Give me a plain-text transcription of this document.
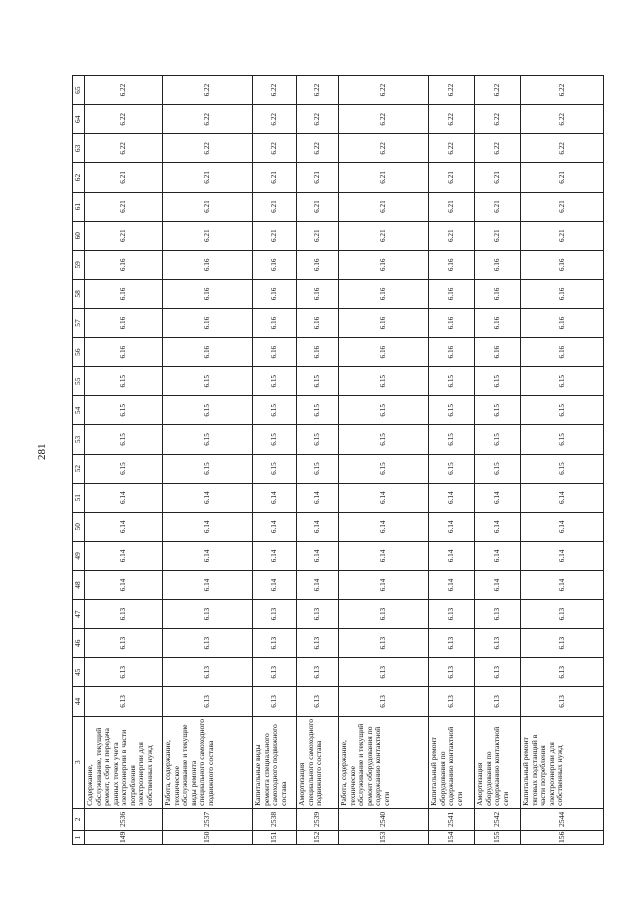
281
1	2	3	44	45	46	47	48	49	50	51	52	53	54	55	56	57	58	59	60	61	62	63	64	65
149	2536	Содержание, обслуживание, текущий ремонт, сбор и передача данных точек учета электроэнергии в части потребления электроэнергии для собственных нужд	6.13	6.13	6.13	6.13	6.14	6.14	6.14	6.14	6.15	6.15	6.15	6.15	6.16	6.16	6.16	6.16	6.21	6.21	6.21	6.22	6.22	6.22
150	2537	Работа, содержание, техническое обслуживание и текущие виды ремонта специального самоходного подвижного состава	6.13	6.13	6.13	6.13	6.14	6.14	6.14	6.14	6.15	6.15	6.15	6.15	6.16	6.16	6.16	6.16	6.21	6.21	6.21	6.22	6.22	6.22
151	2538	Капитальные виды ремонта специального самоходного подвижного состава	6.13	6.13	6.13	6.13	6.14	6.14	6.14	6.14	6.15	6.15	6.15	6.15	6.16	6.16	6.16	6.16	6.21	6.21	6.21	6.22	6.22	6.22
152	2539	Амортизация специального самоходного подвижного состава	6.13	6.13	6.13	6.13	6.14	6.14	6.14	6.14	6.15	6.15	6.15	6.15	6.16	6.16	6.16	6.16	6.21	6.21	6.21	6.22	6.22	6.22
153	2540	Работа, содержание, техническое обслуживание и текущий ремонт оборудования по содержанию контактной сети	6.13	6.13	6.13	6.13	6.14	6.14	6.14	6.14	6.15	6.15	6.15	6.15	6.16	6.16	6.16	6.16	6.21	6.21	6.21	6.22	6.22	6.22
154	2541	Капитальный ремонт оборудования по содержанию контактной сети	6.13	6.13	6.13	6.13	6.14	6.14	6.14	6.14	6.15	6.15	6.15	6.15	6.16	6.16	6.16	6.16	6.21	6.21	6.21	6.22	6.22	6.22
155	2542	Амортизация оборудования по содержанию контактной сети	6.13	6.13	6.13	6.13	6.14	6.14	6.14	6.14	6.15	6.15	6.15	6.15	6.16	6.16	6.16	6.16	6.21	6.21	6.21	6.22	6.22	6.22
156	2544	Капитальный ремонт тяговых подстанций в части потребления электроэнергии для собственных нужд	6.13	6.13	6.13	6.13	6.14	6.14	6.14	6.14	6.15	6.15	6.15	6.15	6.16	6.16	6.16	6.16	6.21	6.21	6.21	6.22	6.22	6.22
